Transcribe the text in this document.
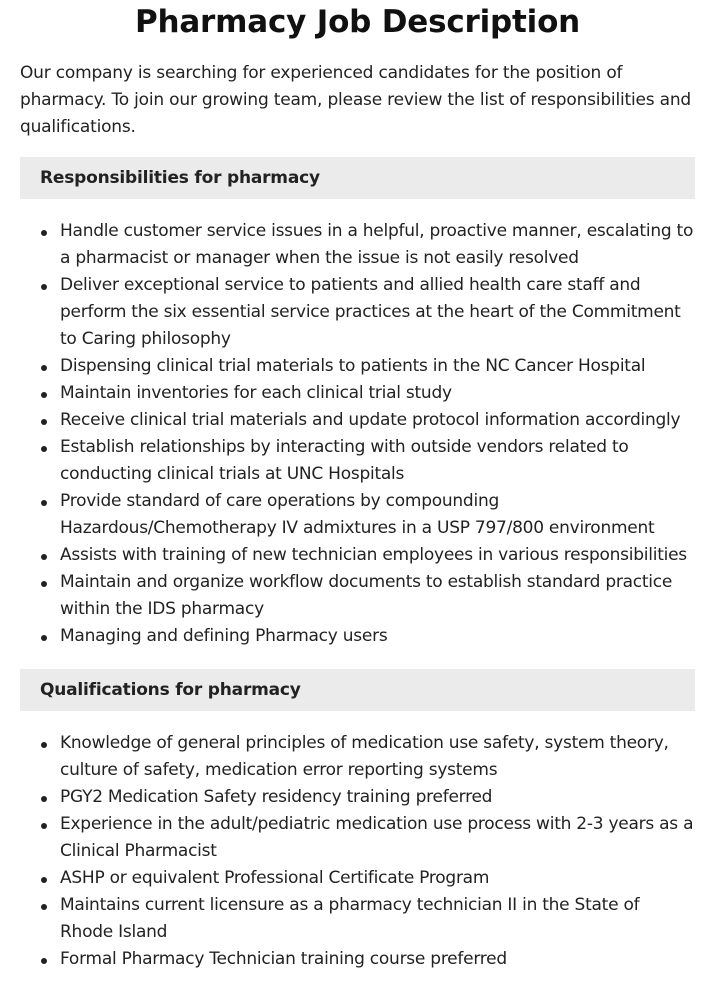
Pharmacy Job Description

Our company is searching for experienced candidates for the position of pharmacy. To join our growing team, please review the list of responsibilities and qualifications.

Responsibilities for pharmacy
Handle customer service issues in a helpful, proactive manner, escalating to a pharmacist or manager when the issue is not easily resolved
Deliver exceptional service to patients and allied health care staff and perform the six essential service practices at the heart of the Commitment to Caring philosophy
Dispensing clinical trial materials to patients in the NC Cancer Hospital
Maintain inventories for each clinical trial study
Receive clinical trial materials and update protocol information accordingly
Establish relationships by interacting with outside vendors related to conducting clinical trials at UNC Hospitals
Provide standard of care operations by compounding Hazardous/Chemotherapy IV admixtures in a USP 797/800 environment
Assists with training of new technician employees in various responsibilities
Maintain and organize workflow documents to establish standard practice within the IDS pharmacy
Managing and defining Pharmacy users
Qualifications for pharmacy
Knowledge of general principles of medication use safety, system theory, culture of safety, medication error reporting systems
PGY2 Medication Safety residency training preferred
Experience in the adult/pediatric medication use process with 2-3 years as a Clinical Pharmacist
ASHP or equivalent Professional Certificate Program
Maintains current licensure as a pharmacy technician II in the State of Rhode Island
Formal Pharmacy Technician training course preferred
